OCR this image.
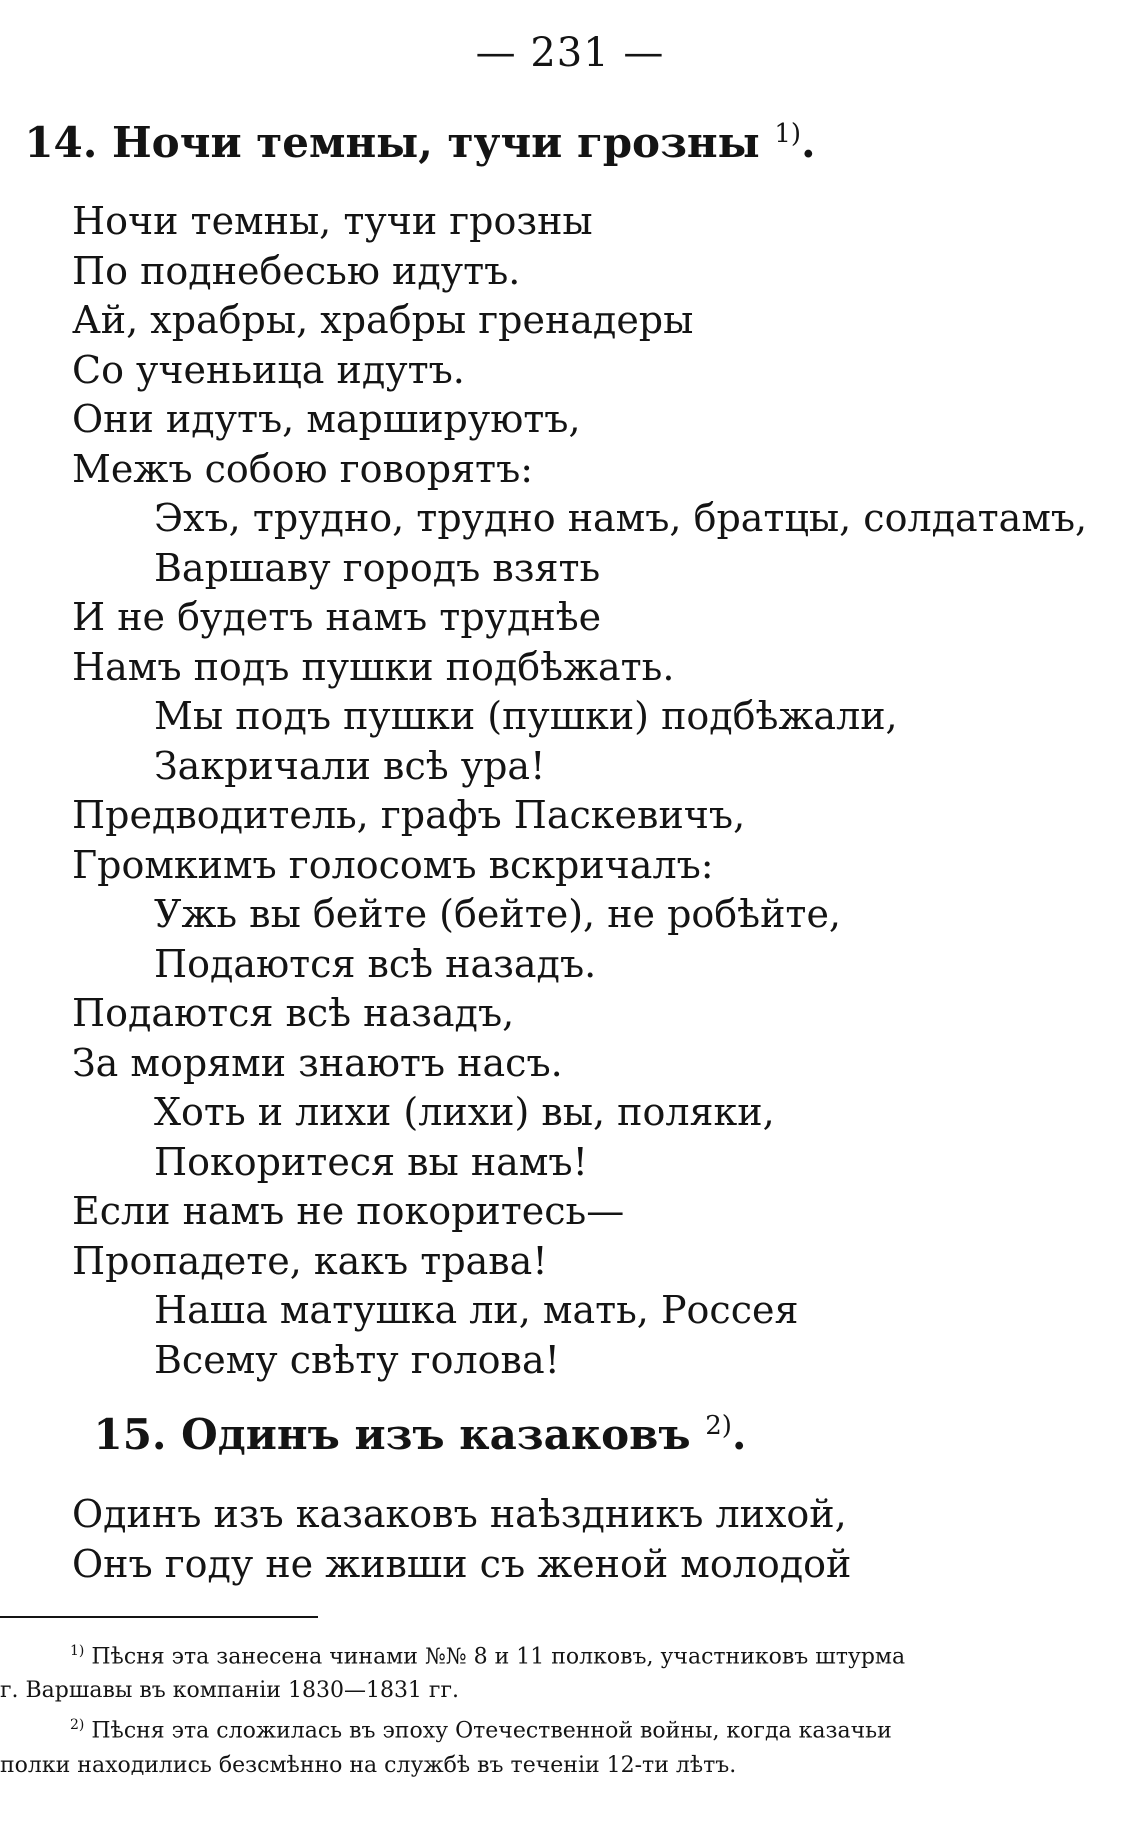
— 231 —
14. Ночи темны, тучи грозны $^{1)}$.
Ночи темны, тучи грозны
По поднебесью идутъ.
Ай, храбры, храбры гренадеры
Со ученьица идутъ.
Они идутъ, маршируютъ,
Межъ собою говорятъ:
Эхъ, трудно, трудно намъ, братцы, солдатамъ,
Варшаву городъ взять
И не будетъ намъ труднѣе
Намъ подъ пушки подбѣжать.
Мы подъ пушки (пушки) подбѣжали,
Закричали всѣ ура!
Предводитель, графъ Паскевичъ,
Громкимъ голосомъ вскричалъ:
Ужь вы бейте (бейте), не робѣйте,
Подаются всѣ назадъ.
Подаются всѣ назадъ,
За морями знаютъ насъ.
Хоть и лихи (лихи) вы, поляки,
Покоритеся вы намъ!
Если намъ не покоритесь—
Пропадете, какъ трава!
Наша матушка ли, мать, Россея
Всему свѣту голова!
15. Одинъ изъ казаковъ $^{2)}$.
Одинъ изъ казаковъ наѣздникъ лихой,
Онъ году не живши съ женой молодой

$^{1)}$ Пѣсня эта занесена чинами №№ 8 и 11 полковъ, участниковъ штурма

г. Варшавы въ компаніи 1830—1831 гг.

$^{2)}$ Пѣсня эта сложилась въ эпоху Отечественной войны, когда казачьи

полки находились безсмѣнно на службѣ въ теченіи 12-ти лѣтъ.
